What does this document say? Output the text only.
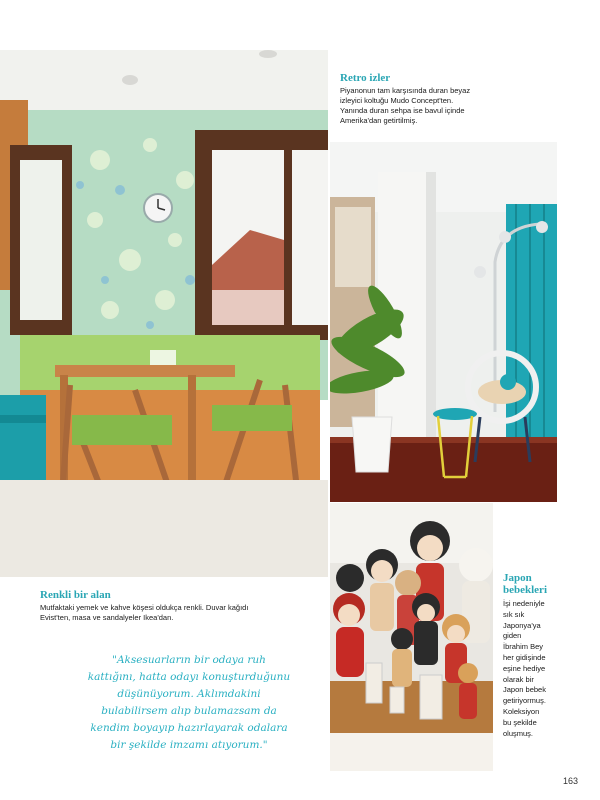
Retro izler
Piyanonun tam karşısında duran beyaz
izleyici koltuğu Mudo Concept'ten.
Yanında duran sehpa ise bavul içinde
Amerika'dan getirtilmiş.
Renkli bir alan
Mutfaktaki yemek ve kahve köşesi oldukça renkli. Duvar kağıdı
Evist'ten, masa ve sandalyeler Ikea'dan.
"Aksesuarların bir odaya ruh
kattığını, hatta odayı konuşturduğunu
düşünüyorum. Aklımdakini
bulabilirsem alıp bulamazsam da
kendim boyayıp hazırlayarak odalara
bir şekilde imzamı atıyorum."
Japon
bebekleri
İşi nedeniyle
sık sık
Japonya'ya
giden
İbrahim Bey
her gidişinde
eşine hediye
olarak bir
Japon bebek
getiriyormuş.
Koleksiyon
bu şekilde
oluşmuş.
163
